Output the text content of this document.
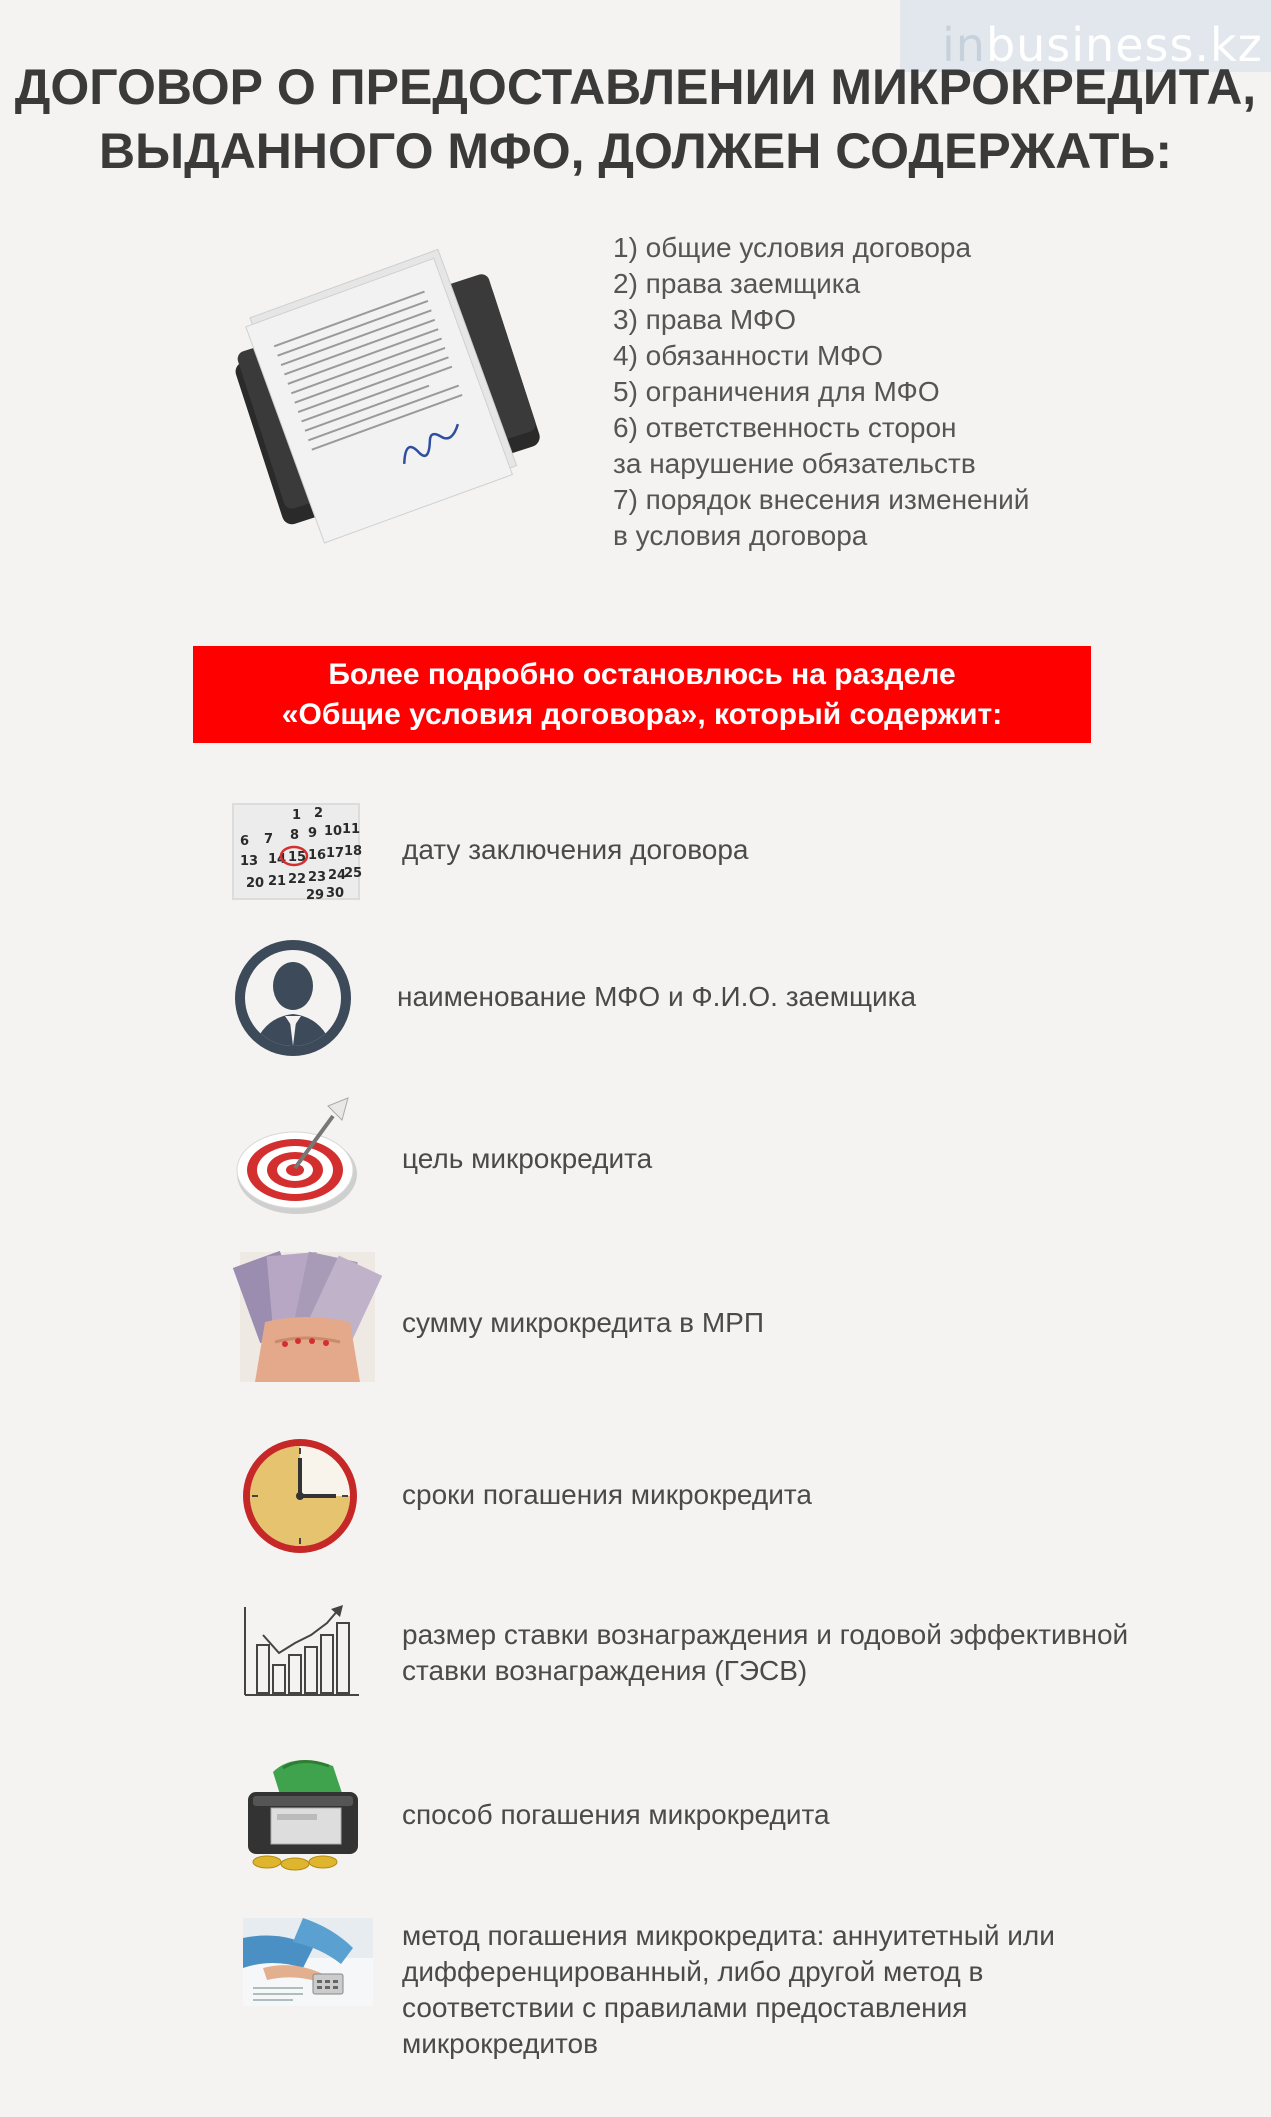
inbusiness.kz
ДОГОВОР О ПРЕДОСТАВЛЕНИИ МИКРОКРЕДИТА,
ВЫДАННОГО МФО, ДОЛЖЕН СОДЕРЖАТЬ:
1) общие условия договора
2) права заемщика
3) права МФО
4) обязанности МФО
5) ограничения для МФО
6) ответственность сторон
за нарушение обязательств
7) порядок внесения изменений
в условия договора
Более подробно остановлюсь на разделе
«Общие условия договора», который содержит:
1 2
8 9 10 11
6 7
14 15 16 17 18
13
20 21 22 23 24
25
29 30
дату заключения договора
наименование МФО и Ф.И.О. заемщика
цель микрокредита
сумму микрокредита в МРП
сроки погашения микрокредита
размер ставки вознаграждения и годовой эффективной
ставки вознаграждения (ГЭСВ)
способ погашения микрокредита
метод погашения микрокредита: аннуитетный или
дифференцированный, либо другой метод в
соответствии с правилами предоставления
микрокредитов
